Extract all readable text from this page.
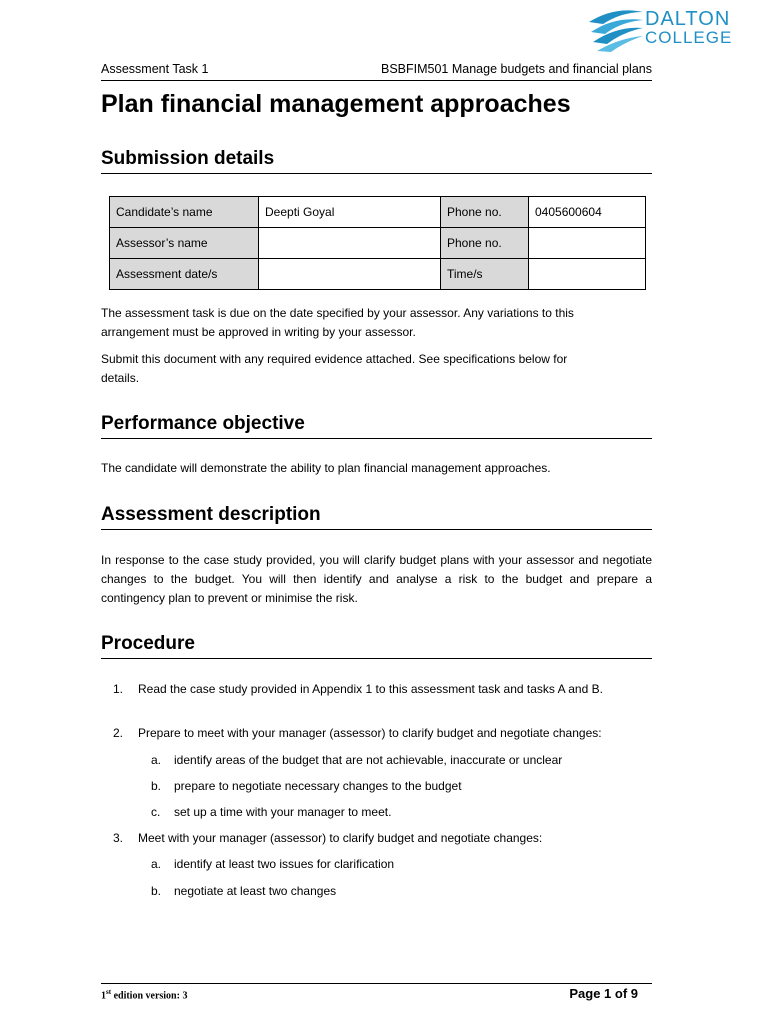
DALTON
COLLEGE
Assessment Task 1	BSBFIM501 Manage budgets and financial plans
Plan financial management approaches
Submission details
Candidate’s name	Deepti Goyal	Phone no.	0405600604
Assessor’s name		Phone no.	
Assessment date/s		Time/s	
The assessment task is due on the date specified by your assessor. Any variations to this arrangement must be approved in writing by your assessor.
Submit this document with any required evidence attached. See specifications below for details.
Performance objective
The candidate will demonstrate the ability to plan financial management approaches.
Assessment description
In response to the case study provided, you will clarify budget plans with your assessor and negotiate changes to the budget. You will then identify and analyse a risk to the budget and prepare a contingency plan to prevent or minimise the risk.
Procedure
1. Read the case study provided in Appendix 1 to this assessment task and tasks A and B.
2. Prepare to meet with your manager (assessor) to clarify budget and negotiate changes:
a. identify areas of the budget that are not achievable, inaccurate or unclear
b. prepare to negotiate necessary changes to the budget
c. set up a time with your manager to meet.
3. Meet with your manager (assessor) to clarify budget and negotiate changes:
a. identify at least two issues for clarification
b. negotiate at least two changes
1st edition version: 3	Page 1 of 9
